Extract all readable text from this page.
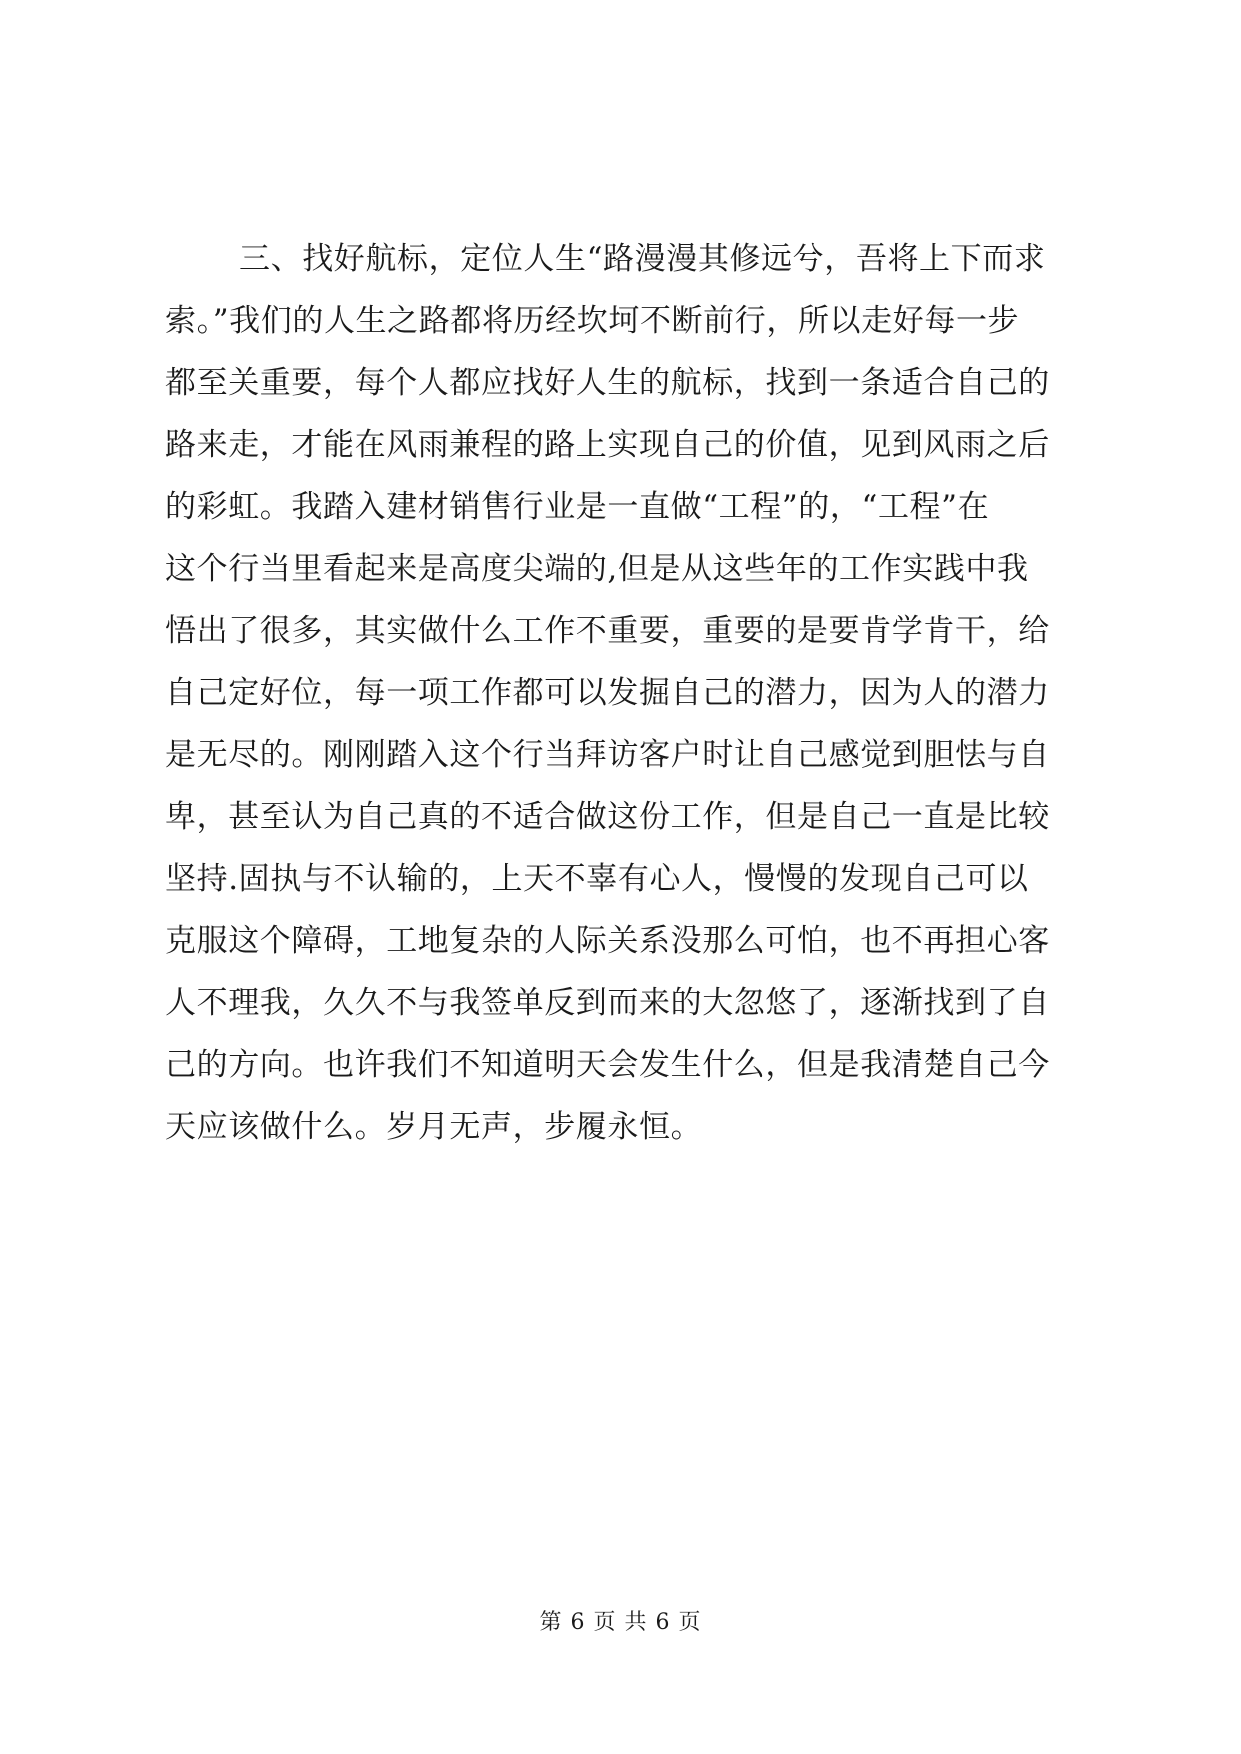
三、找好航标，定位人生“路漫漫其修远兮，吾将上下而求
索。”我们的人生之路都将历经坎坷不断前行，所以走好每一步
都至关重要，每个人都应找好人生的航标，找到一条适合自己的
路来走，才能在风雨兼程的路上实现自己的价值，见到风雨之后
的彩虹。我踏入建材销售行业是一直做“工程”的，“工程”在
这个行当里看起来是高度尖端的,但是从这些年的工作实践中我
悟出了很多，其实做什么工作不重要，重要的是要肯学肯干，给
自己定好位，每一项工作都可以发掘自己的潜力，因为人的潜力
是无尽的。刚刚踏入这个行当拜访客户时让自己感觉到胆怯与自
卑，甚至认为自己真的不适合做这份工作，但是自己一直是比较
坚持.固执与不认输的，上天不辜有心人，慢慢的发现自己可以
克服这个障碍，工地复杂的人际关系没那么可怕，也不再担心客
人不理我，久久不与我签单反到而来的大忽悠了，逐渐找到了自
己的方向。也许我们不知道明天会发生什么，但是我清楚自己今
天应该做什么。岁月无声，步履永恒。
第 6 页 共 6 页
